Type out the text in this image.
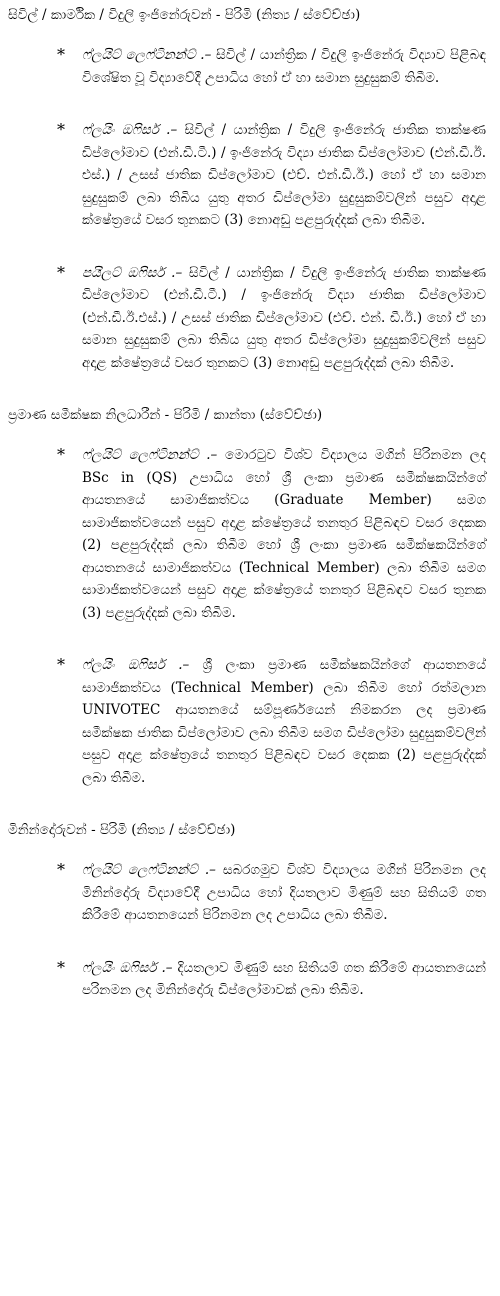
සිවිල් / කාර්මික / විදුලි ඉංජිනේරුවන් - පිරිමි (නිත්‍ය / ස්වේච්ඡා)
*	ෆ්ලයිට් ලෙෆ්ටිනන්ට් .– සිවිල් / යාන්ත්‍රික / විදුලි ඉංජිනේරු විද්‍යාව පිළිබඳ විශේෂිත වූ විද්‍යාවේදී උපාධිය හෝ ඒ හා සමාන සුදුසුකම් තිබීම.
*	ෆ්ලයිං ඔෆිසර් .– සිවිල් / යාන්ත්‍රික / විදුලි ඉංජිනේරු ජාතික තාක්ෂණ ඩිප්ලෝමාව (එන්.ඩී.ටී.) / ඉංජිනේරු විද්‍යා ජාතික ඩිප්ලෝමාව (එන්.ඩී.ඊ. එස්.) / උසස් ජාතික ඩිප්ලෝමාව (එච්. එන්.ඩී.ඊ.) හෝ ඒ හා සමාන සුදුසුකම් ලබා තිබිය යුතු අතර ඩිප්ලෝමා සුදුසුකම්වලින් පසුව අදාළ ක්ෂේත්‍රයේ වසර තුනකට (3) නොඅඩු පළපුරුද්දක් ලබා තිබීම.
*	පයිලට් ඔෆිසර් .– සිවිල් / යාන්ත්‍රික / විදුලි ඉංජිනේරු ජාතික තාක්ෂණ ඩිප්ලෝමාව (එන්.ඩී.ටී.) / ඉංජිනේරු විද්‍යා ජාතික ඩිප්ලෝමාව (එන්.ඩී.ඊ.එස්.) / උසස් ජාතික ඩිප්ලෝමාව (එච්. එන්. ඩී.ඊ.) හෝ ඒ හා සමාන සුදුසුකම් ලබා තිබිය යුතු අතර ඩිප්ලෝමා සුදුසුකම්වලින් පසුව අදාළ ක්ෂේත්‍රයේ වසර තුනකට (3) නොඅඩු පළපුරුද්දක් ලබා තිබීම.
ප්‍රමාණ සමීක්ෂක නිලධාරීන් - පිරිමි / කාන්තා (ස්වේච්ඡා)
*	ෆ්ලයිට් ලෙෆ්ටිනන්ට් .– මොරටුව විශ්ව විද්‍යාලය මගින් පිරිනමන ලද BSc in (QS) උපාධිය හෝ ශ්‍රී ලංකා ප්‍රමාණ සමීක්ෂකයින්ගේ ආයතනයේ සාමාජිකත්වය (Graduate Member) සමග සාමාජිකත්වයෙන් පසුව අදාළ ක්ෂේත්‍රයේ තනතුර පිළිබඳව වසර දෙකක (2) පළපුරුද්දක් ලබා තිබීම හෝ ශ්‍රී ලංකා ප්‍රමාණ සමීක්ෂකයින්ගේ ආයතනයේ සාමාජිකත්වය (Technical Member) ලබා තිබීම සමග සාමාජිකත්වයෙන් පසුව අදාළ ක්ෂේත්‍රයේ තනතුර පිළිබඳව වසර තුනක (3) පළපුරුද්දක් ලබා තිබීම.
*	ෆ්ලයිං ඔෆිසර් .– ශ්‍රී ලංකා ප්‍රමාණ සමීක්ෂකයින්ගේ ආයතනයේ සාමාජිකත්වය (Technical Member) ලබා තිබීම හෝ රත්මලාන UNIVOTEC ආයතනයේ සම්පූර්ණයෙන් නිමකරන ලද ප්‍රමාණ සමීක්ෂක ජාතික ඩිප්ලෝමාව ලබා තිබීම සමග ඩිප්ලෝමා සුදුසුකම්වලින් පසුව අදාළ ක්ෂේත්‍රයේ තනතුර පිළිබඳව වසර දෙකක (2) පළපුරුද්දක් ලබා තිබීම.
මිනින්දෝරුවන් - පිරිමි (නිත්‍ය / ස්වේච්ඡා)
*	ෆ්ලයිට් ලෙෆ්ටිනන්ට් .– සබරගමුව විශ්ව විද්‍යාලය මගින් පිරිනමන ලද මිනින්දෝරු විද්‍යාවේදී උපාධිය හෝ දියතලාව මිණුම් සහ සිතියම් ගත කිරීමේ ආයතනයෙන් පිරිනමන ලද උපාධිය ලබා තිබීම.
*	ෆ්ලයිං ඔෆිසර් .– දියතලාව මිණුම් සහ සිතියම් ගත කිරීමේ ආයතනයෙන් පරිනමන ලද මිනින්දෝරු ඩිප්ලෝමාවක් ලබා තිබීම.
